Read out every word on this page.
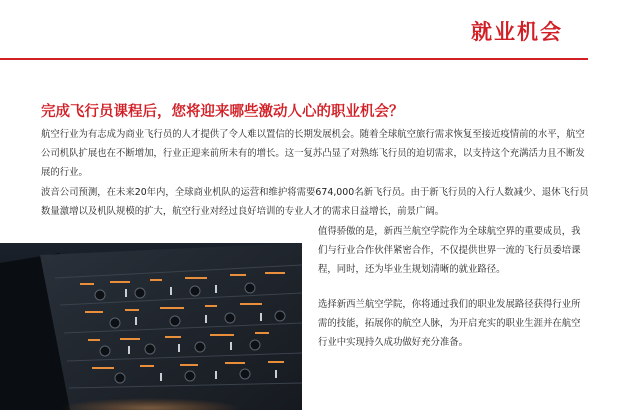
就业机会
完成飞行员课程后，您将迎来哪些激动人心的职业机会？

航空行业为有志成为商业飞行员的人才提供了令人难以置信的长期发展机会。随着全球航空旅行需求恢复至接近疫情前的水平，航空公司机队扩展也在不断增加，行业正迎来前所未有的增长。这一复苏凸显了对熟练飞行员的迫切需求，以支持这个充满活力且不断发展的行业。

波音公司预测，在未来20年内，全球商业机队的运营和维护将需要674,000名新飞行员。由于新飞行员的入行人数减少、退休飞行员数量激增以及机队规模的扩大，航空行业对经过良好培训的专业人才的需求日益增长，前景广阔。

值得骄傲的是，新西兰航空学院作为全球航空界的重要成员，我们与行业合作伙伴紧密合作，不仅提供世界一流的飞行员委培课程，同时，还为毕业生规划清晰的就业路径。

选择新西兰航空学院，你将通过我们的职业发展路径获得行业所需的技能，拓展你的航空人脉，为开启充实的职业生涯并在航空行业中实现持久成功做好充分准备。
